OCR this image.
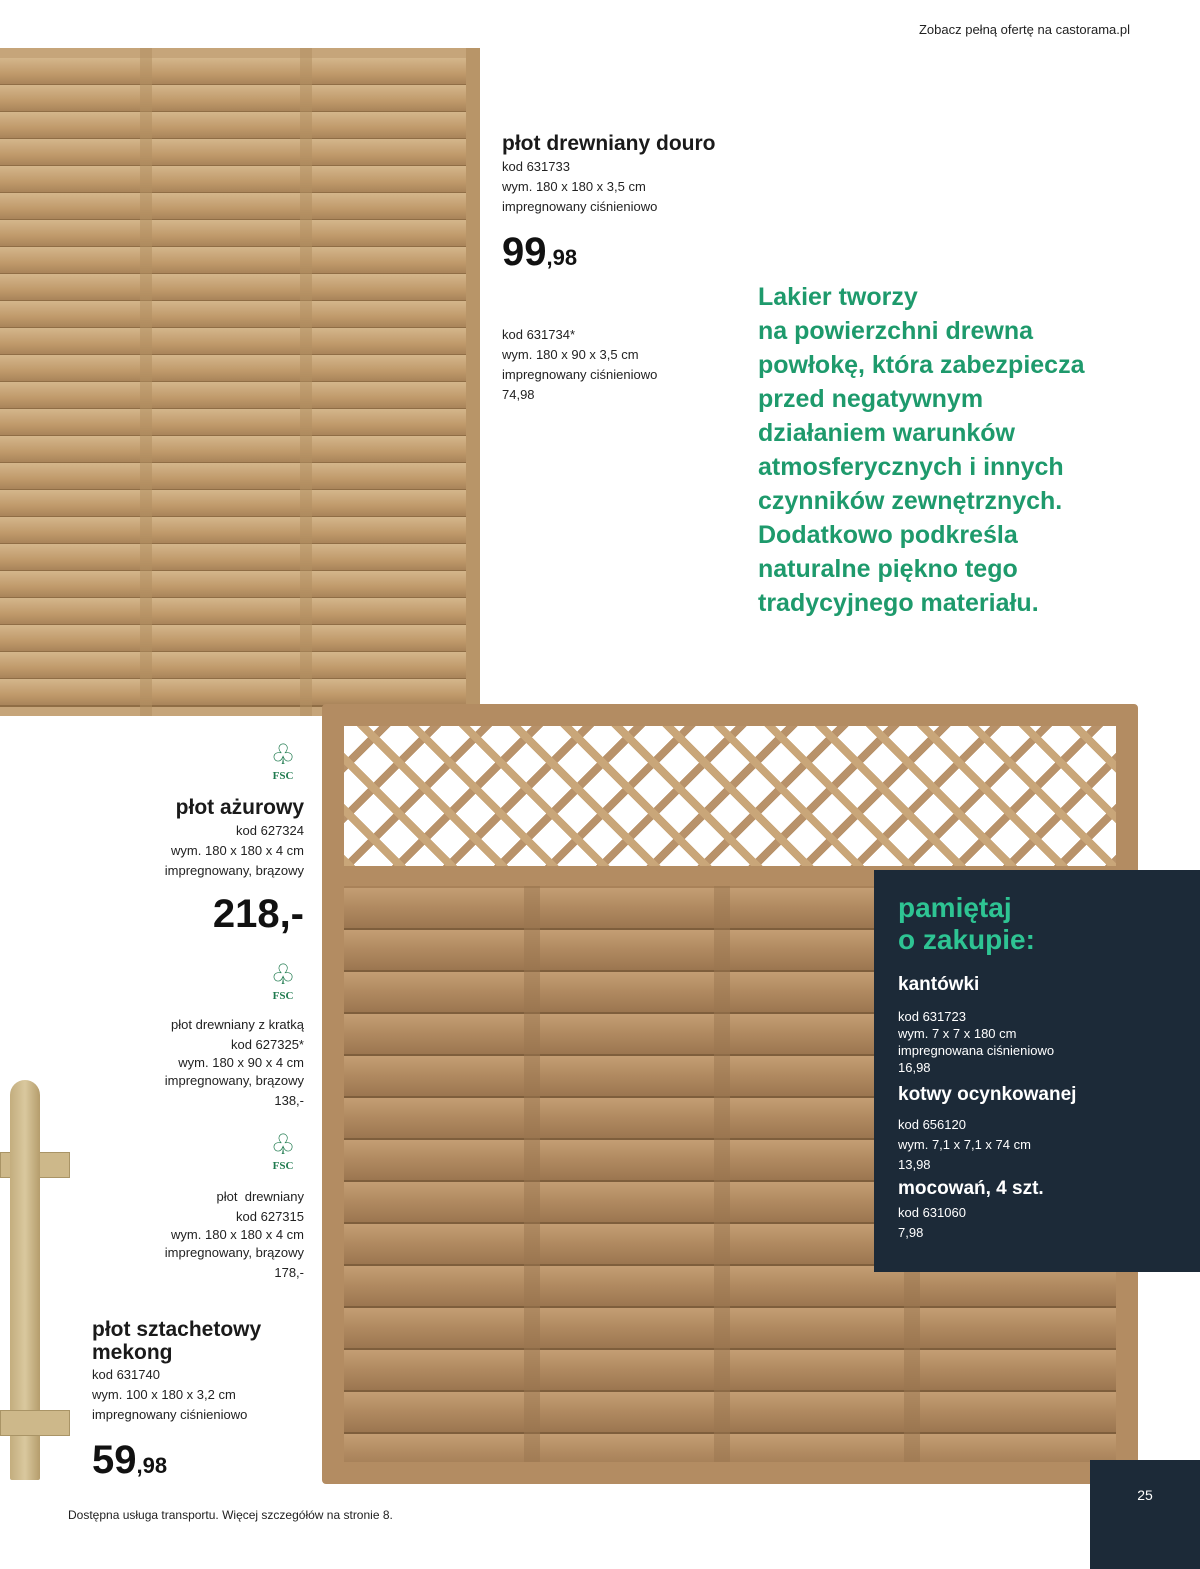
Zobacz pełną ofertę na castorama.pl
płot drewniany douro
kod 631733
wym. 180 x 180 x 3,5 cm
impregnowany ciśnieniowo
99,98
kod 631734*
wym. 180 x 90 x 3,5 cm
impregnowany ciśnieniowo
74,98
Lakier tworzy
na powierzchni drewna
powłokę, która zabezpiecza
przed negatywnym
działaniem warunków
atmosferycznych i innych
czynników zewnętrznych.
Dodatkowo podkreśla
naturalne piękno tego
tradycyjnego materiału.
♧
FSC
płot ażurowy
kod 627324
wym. 180 x 180 x 4 cm
impregnowany, brązowy
218,-
♧
FSC
płot drewniany z kratką
kod 627325*
wym. 180 x 90 x 4 cm
impregnowany, brązowy
138,-
♧
FSC
płot  drewniany
kod 627315
wym. 180 x 180 x 4 cm
impregnowany, brązowy
178,-
płot sztachetowy
mekong
kod 631740
wym. 100 x 180 x 3,2 cm
impregnowany ciśnieniowo
59,98
pamiętaj
o zakupie:
kantówki
kod 631723
wym. 7 x 7 x 180 cm
impregnowana ciśnieniowo
16,98
kotwy ocynkowanej
kod 656120
wym. 7,1 x 7,1 x 74 cm
13,98
mocowań, 4 szt.
kod 631060
7,98
Dostępna usługa transportu. Więcej szczegółów na stronie 8.
25
